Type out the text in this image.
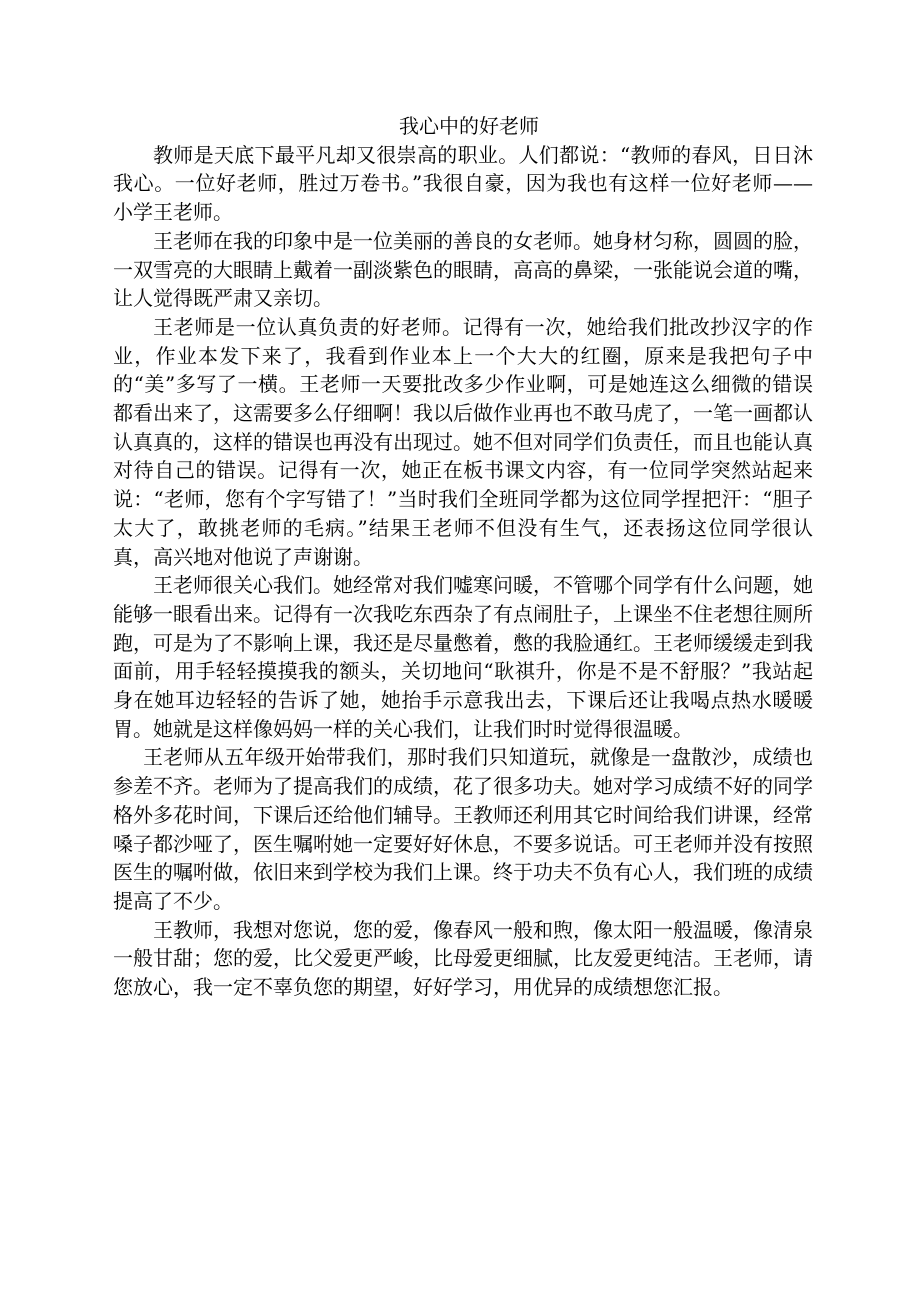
我心中的好老师

教师是天底下最平凡却又很崇高的职业。人们都说：“教师的春风，日日沐我心。一位好老师，胜过万卷书。”我很自豪，因为我也有这样一位好老师——小学王老师。

王老师在我的印象中是一位美丽的善良的女老师。她身材匀称，圆圆的脸，一双雪亮的大眼睛上戴着一副淡紫色的眼睛，高高的鼻梁，一张能说会道的嘴，让人觉得既严肃又亲切。

王老师是一位认真负责的好老师。记得有一次，她给我们批改抄汉字的作业，作业本发下来了，我看到作业本上一个大大的红圈，原来是我把句子中的“美”多写了一横。王老师一天要批改多少作业啊，可是她连这么细微的错误都看出来了，这需要多么仔细啊！我以后做作业再也不敢马虎了，一笔一画都认认真真的，这样的错误也再没有出现过。她不但对同学们负责任，而且也能认真对待自己的错误。记得有一次，她正在板书课文内容，有一位同学突然站起来说：“老师，您有个字写错了！”当时我们全班同学都为这位同学捏把汗：“胆子太大了，敢挑老师的毛病。”结果王老师不但没有生气，还表扬这位同学很认真，高兴地对他说了声谢谢。

王老师很关心我们。她经常对我们嘘寒问暖，不管哪个同学有什么问题，她能够一眼看出来。记得有一次我吃东西杂了有点闹肚子，上课坐不住老想往厕所跑，可是为了不影响上课，我还是尽量憋着，憋的我脸通红。王老师缓缓走到我面前，用手轻轻摸摸我的额头，关切地问“耿祺升，你是不是不舒服？”我站起身在她耳边轻轻的告诉了她，她抬手示意我出去，下课后还让我喝点热水暖暖胃。她就是这样像妈妈一样的关心我们，让我们时时觉得很温暖。

王老师从五年级开始带我们，那时我们只知道玩，就像是一盘散沙，成绩也参差不齐。老师为了提高我们的成绩，花了很多功夫。她对学习成绩不好的同学格外多花时间，下课后还给他们辅导。王教师还利用其它时间给我们讲课，经常嗓子都沙哑了，医生嘱咐她一定要好好休息，不要多说话。可王老师并没有按照医生的嘱咐做，依旧来到学校为我们上课。终于功夫不负有心人，我们班的成绩提高了不少。

王教师，我想对您说，您的爱，像春风一般和煦，像太阳一般温暖，像清泉一般甘甜；您的爱，比父爱更严峻，比母爱更细腻，比友爱更纯洁。王老师，请您放心，我一定不辜负您的期望，好好学习，用优异的成绩想您汇报。
